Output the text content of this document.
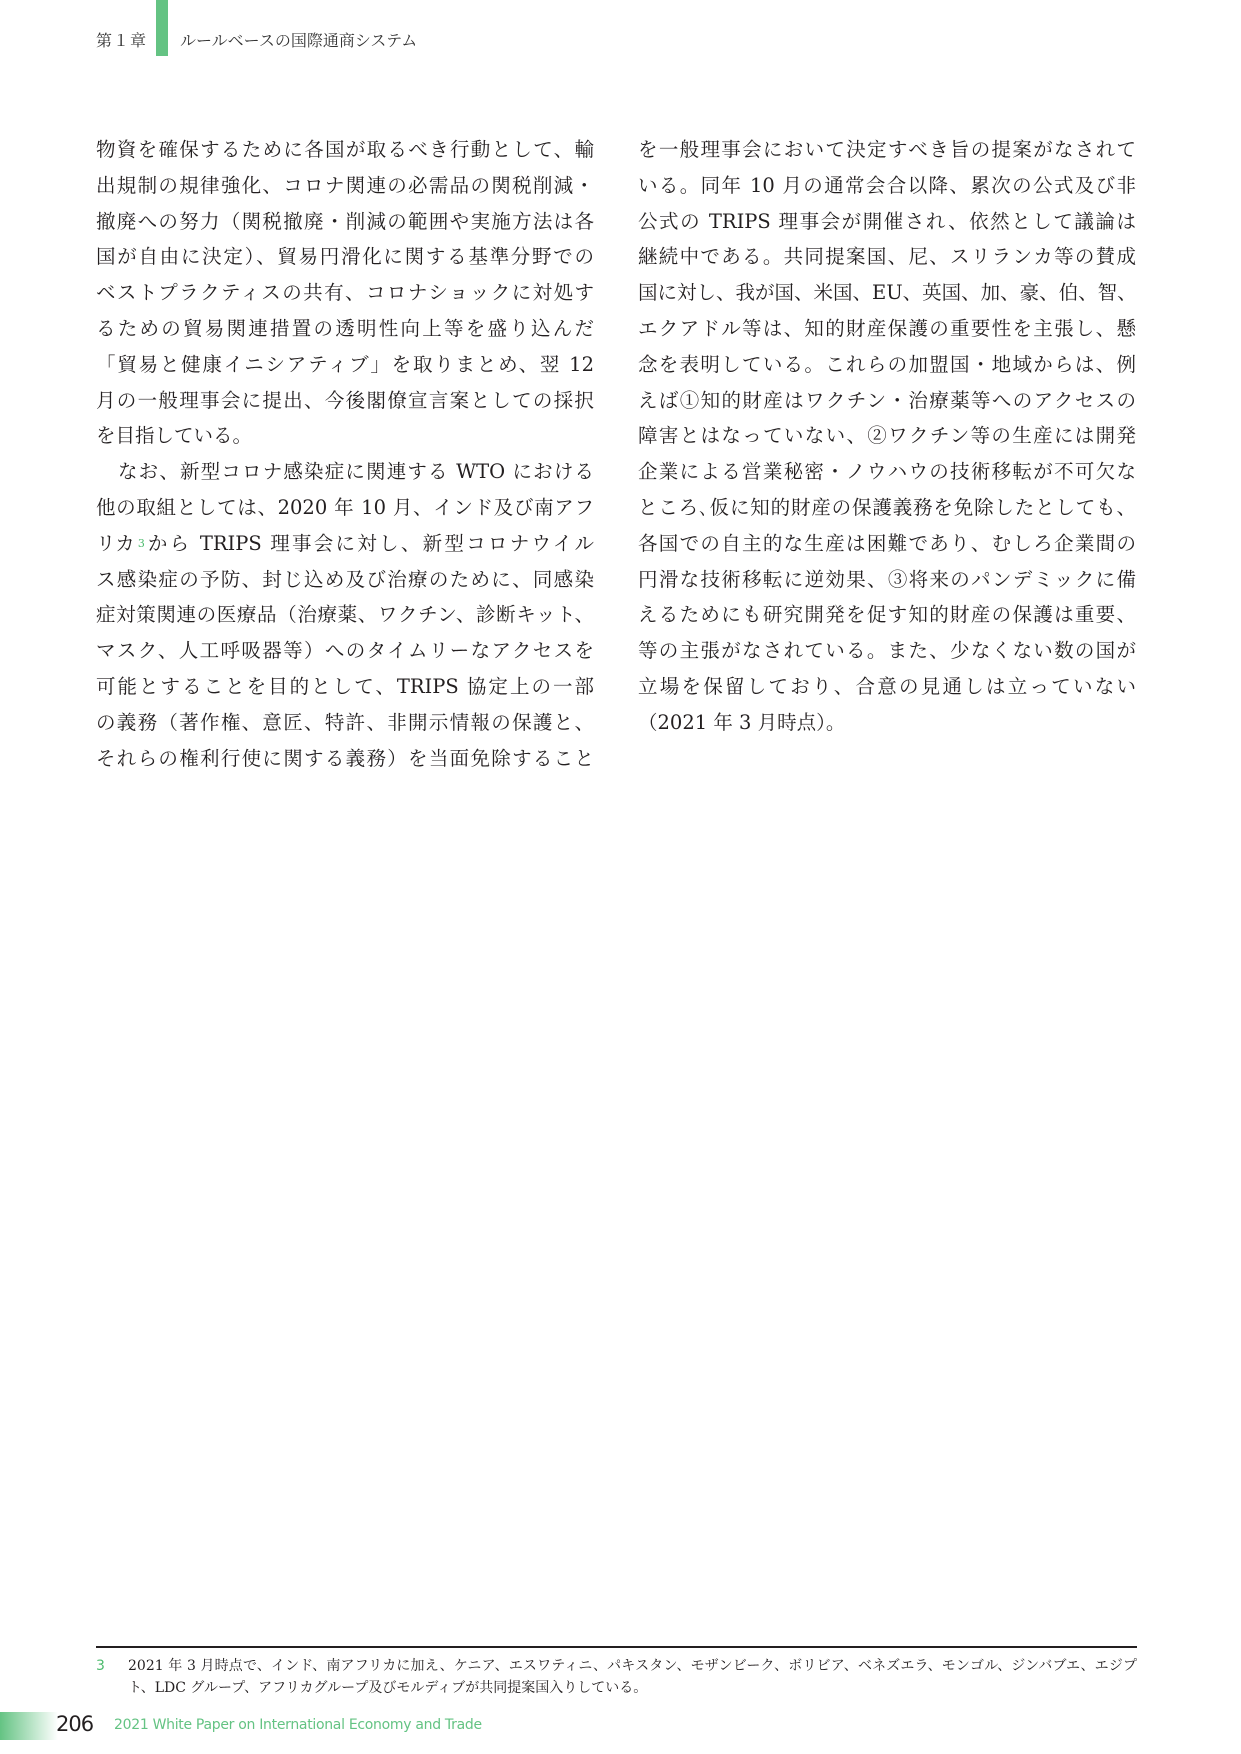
第１章 ルールベースの国際通商システム
物資を確保するために各国が取るべき行動として、輸
出規制の規律強化、コロナ関連の必需品の関税削減・
撤廃への努力（関税撤廃・削減の範囲や実施方法は各
国が自由に決定）、貿易円滑化に関する基準分野での
ベストプラクティスの共有、コロナショックに対処す
るための貿易関連措置の透明性向上等を盛り込んだ
「貿易と健康イニシアティブ」を取りまとめ、翌 12
月の一般理事会に提出、今後閣僚宣言案としての採択
を目指している。
なお、新型コロナ感染症に関連する WTO における
他の取組としては、2020 年 10 月、インド及び南アフ
リカ 3 から TRIPS 理事会に対し、新型コロナウイル
ス感染症の予防、封じ込め及び治療のために、同感染
症対策関連の医療品（治療薬、ワクチン、診断キット、
マスク、人工呼吸器等）へのタイムリーなアクセスを
可能とすることを目的として、TRIPS 協定上の一部
の義務（著作権、意匠、特許、非開示情報の保護と、
それらの権利行使に関する義務）を当面免除すること
を一般理事会において決定すべき旨の提案がなされて
いる。同年 10 月の通常会合以降、累次の公式及び非
公式の TRIPS 理事会が開催され、依然として議論は
継続中である。共同提案国、尼、スリランカ等の賛成
国に対し、我が国、米国、EU、英国、加、豪、伯、智、
エクアドル等は、知的財産保護の重要性を主張し、懸
念を表明している。これらの加盟国・地域からは、例
えば①知的財産はワクチン・治療薬等へのアクセスの
障害とはなっていない、②ワクチン等の生産には開発
企業による営業秘密・ノウハウの技術移転が不可欠な
ところ､仮に知的財産の保護義務を免除したとしても、
各国での自主的な生産は困難であり、むしろ企業間の
円滑な技術移転に逆効果、③将来のパンデミックに備
えるためにも研究開発を促す知的財産の保護は重要、
等の主張がなされている。また、少なくない数の国が
立場を保留しており、合意の見通しは立っていない
（2021 年 3 月時点）。
3 2021 年 3 月時点で、インド、南アフリカに加え、ケニア、エスワティニ、パキスタン、モザンビーク、ボリビア、ベネズエラ、モンゴル、ジンバブエ、エジプト、LDC グループ、アフリカグループ及びモルディブが共同提案国入りしている。
206 2021 White Paper on International Economy and Trade
